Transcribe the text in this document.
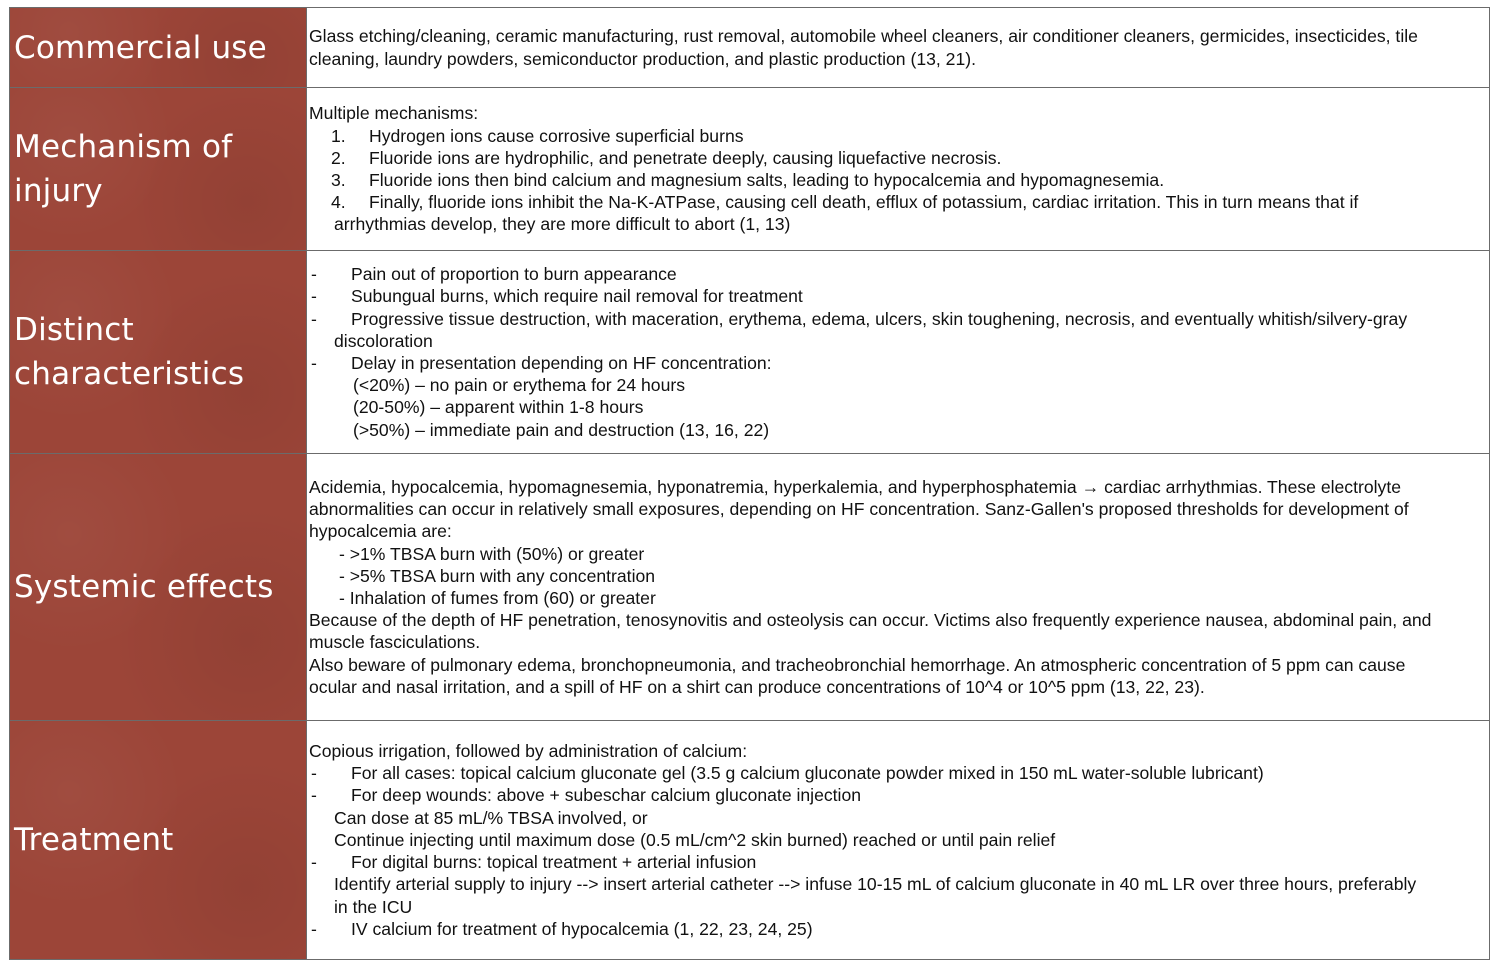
Commercial use	Glass etching/cleaning, ceramic manufacturing, rust removal, automobile wheel cleaners, air conditioner cleaners, germicides, insecticides, tile cleaning, laundry powders, semiconductor production, and plastic production (13, 21).
Mechanism of injury
Multiple mechanisms:
1. Hydrogen ions cause corrosive superficial burns
2. Fluoride ions are hydrophilic, and penetrate deeply, causing liquefactive necrosis.
3. Fluoride ions then bind calcium and magnesium salts, leading to hypocalcemia and hypomagnesemia.
4. Finally, fluoride ions inhibit the Na-K-ATPase, causing cell death, efflux of potassium, cardiac irritation. This in turn means that if
arrhythmias develop, they are more difficult to abort (1, 13)
Distinct characteristics
- Pain out of proportion to burn appearance
- Subungual burns, which require nail removal for treatment
- Progressive tissue destruction, with maceration, erythema, edema, ulcers, skin toughening, necrosis, and eventually whitish/silvery-gray
discoloration
- Delay in presentation depending on HF concentration:
(<20%) – no pain or erythema for 24 hours
(20-50%) – apparent within 1-8 hours
(>50%) – immediate pain and destruction (13, 16, 22)
Systemic effects
Acidemia, hypocalcemia, hypomagnesemia, hyponatremia, hyperkalemia, and hyperphosphatemia → cardiac arrhythmias. These electrolyte
abnormalities can occur in relatively small exposures, depending on HF concentration. Sanz-Gallen's proposed thresholds for development of
hypocalcemia are:
- >1% TBSA burn with (50%) or greater
- >5% TBSA burn with any concentration
- Inhalation of fumes from (60) or greater
Because of the depth of HF penetration, tenosynovitis and osteolysis can occur. Victims also frequently experience nausea, abdominal pain, and
muscle fasciculations.
Also beware of pulmonary edema, bronchopneumonia, and tracheobronchial hemorrhage. An atmospheric concentration of 5 ppm can cause
ocular and nasal irritation, and a spill of HF on a shirt can produce concentrations of 10^4 or 10^5 ppm (13, 22, 23).
Treatment
Copious irrigation, followed by administration of calcium:
- For all cases: topical calcium gluconate gel (3.5 g calcium gluconate powder mixed in 150 mL water-soluble lubricant)
- For deep wounds: above + subeschar calcium gluconate injection
Can dose at 85 mL/% TBSA involved, or
Continue injecting until maximum dose (0.5 mL/cm^2 skin burned) reached or until pain relief
- For digital burns: topical treatment + arterial infusion
Identify arterial supply to injury --> insert arterial catheter --> infuse 10-15 mL of calcium gluconate in 40 mL LR over three hours, preferably
in the ICU
- IV calcium for treatment of hypocalcemia (1, 22, 23, 24, 25)
